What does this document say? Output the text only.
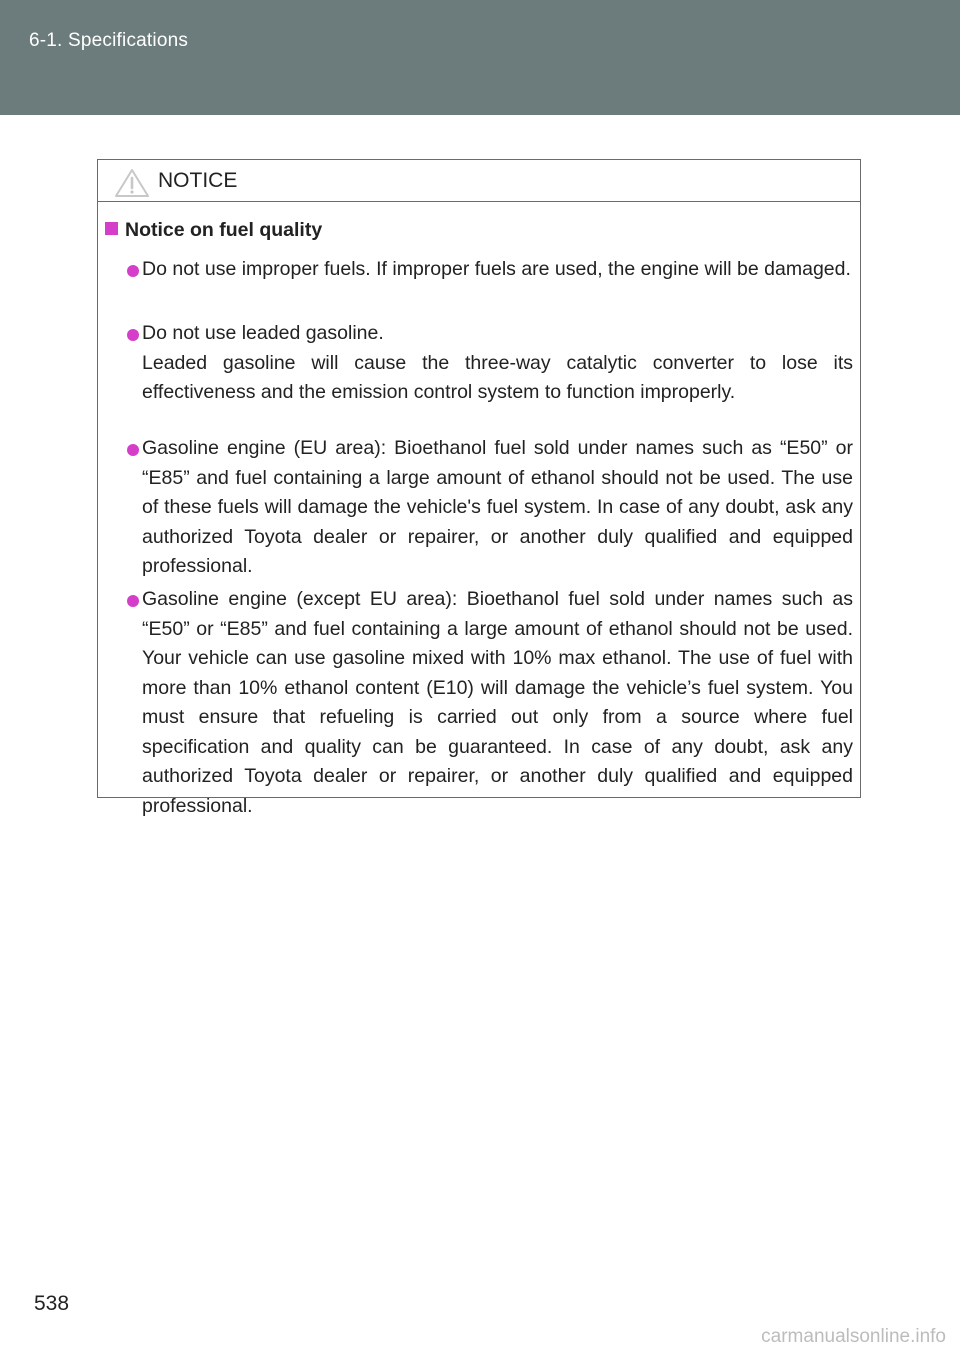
6-1. Specifications
NOTICE
Notice on fuel quality
Do not use improper fuels. If improper fuels are used, the engine will be damaged.
Do not use leaded gasoline.
Leaded gasoline will cause the three-way catalytic converter to lose its effectiveness and the emission control system to function improperly.
Gasoline engine (EU area): Bioethanol fuel sold under names such as “E50” or “E85” and fuel containing a large amount of ethanol should not be used. The use of these fuels will damage the vehicle's fuel system. In case of any doubt, ask any authorized Toyota dealer or repairer, or another duly qualified and equipped professional.
Gasoline engine (except EU area): Bioethanol fuel sold under names such as “E50” or “E85” and fuel containing a large amount of ethanol should not be used. Your vehicle can use gasoline mixed with 10% max ethanol. The use of fuel with more than 10% ethanol content (E10) will damage the vehicle’s fuel system. You must ensure that refueling is carried out only from a source where fuel specification and quality can be guaranteed. In case of any doubt, ask any authorized Toyota dealer or repairer, or another duly qualified and equipped professional.
538
carmanualsonline.info
